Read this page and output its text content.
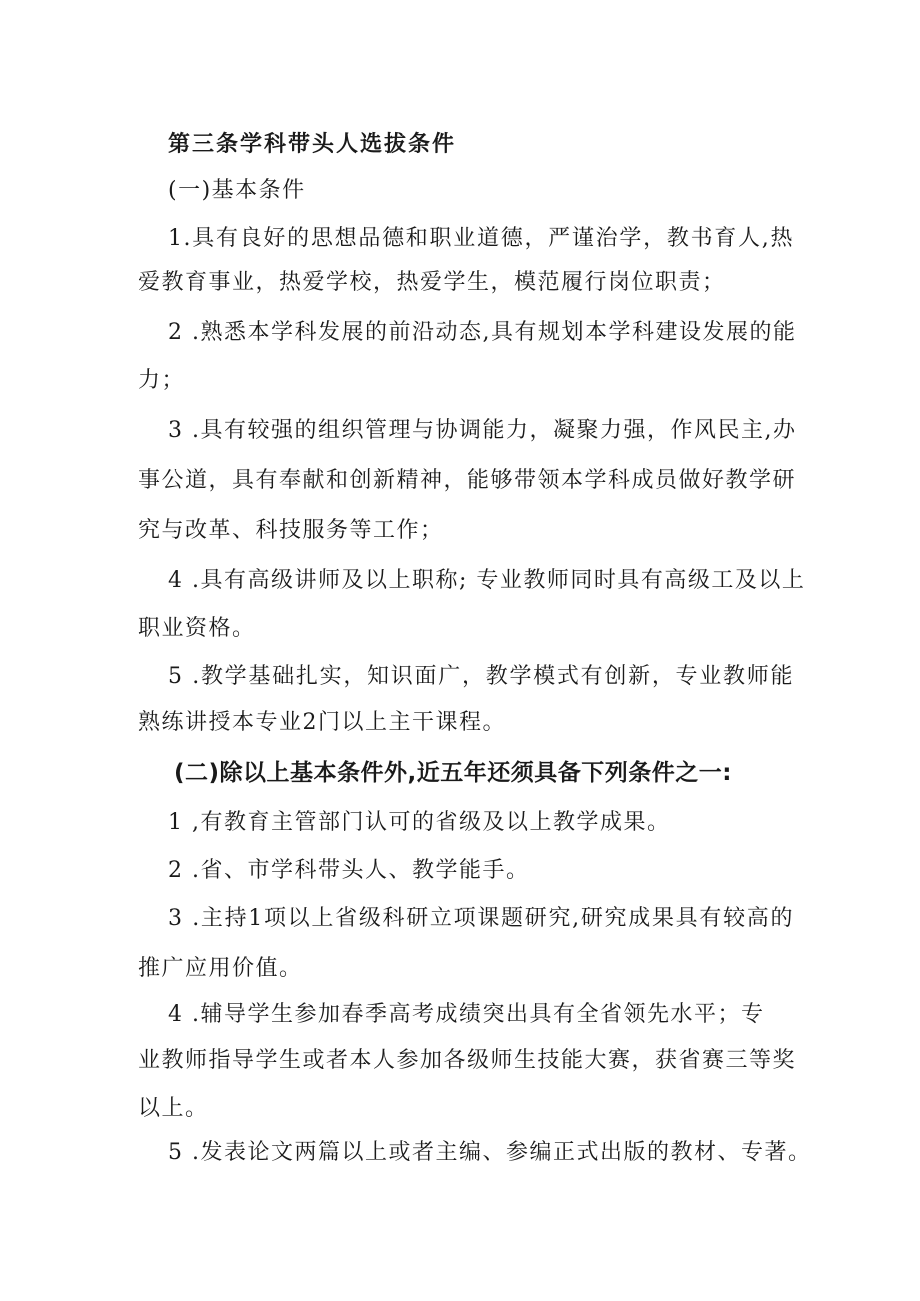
第三条学科带头人选拔条件
(一)基本条件
1.具有良好的思想品德和职业道德，严谨治学，教书育人,热
爱教育事业，热爱学校，热爱学生，模范履行岗位职责；
2 .熟悉本学科发展的前沿动态,具有规划本学科建设发展的能
力；
3 .具有较强的组织管理与协调能力，凝聚力强，作风民主,办
事公道，具有奉献和创新精神，能够带领本学科成员做好教学研
究与改革、科技服务等工作；
4 .具有高级讲师及以上职称; 专业教师同时具有高级工及以上
职业资格。
5 .教学基础扎实，知识面广，教学模式有创新，专业教师能
熟练讲授本专业2门以上主干课程。
(二)除以上基本条件外,近五年还须具备下列条件之一:
1 ,有教育主管部门认可的省级及以上教学成果。
2 .省、市学科带头人、教学能手。
3 .主持1项以上省级科研立项课题研究,研究成果具有较高的
推广应用价值。
4 .辅导学生参加春季高考成绩突出具有全省领先水平；专
业教师指导学生或者本人参加各级师生技能大赛，获省赛三等奖
以上。
5 .发表论文两篇以上或者主编、参编正式出版的教材、专著。
